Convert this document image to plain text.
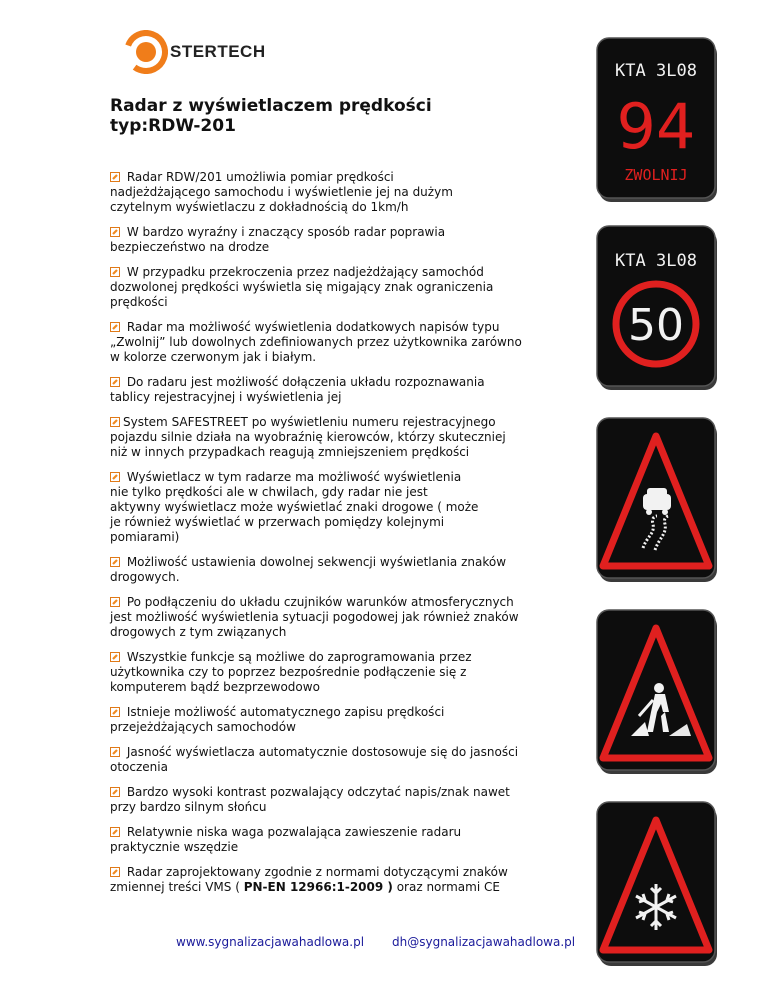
STERTECH
Radar z wyświetlaczem prędkości
typ:RDW-201
Radar RDW/201 umożliwia pomiar prędkości
nadjeżdżającego samochodu i wyświetlenie jej na dużym
czytelnym wyświetlaczu z dokładnością do 1km/h
W bardzo wyraźny i znaczący sposób radar poprawia
bezpieczeństwo na drodze
W przypadku przekroczenia przez nadjeżdżający samochód
dozwolonej prędkości wyświetla się migający znak ograniczenia
prędkości
Radar ma możliwość wyświetlenia dodatkowych napisów typu
„Zwolnij” lub dowolnych zdefiniowanych przez użytkownika zarówno
w kolorze czerwonym jak i białym.
Do radaru jest możliwość dołączenia układu rozpoznawania
tablicy rejestracyjnej i wyświetlenia jej
System SAFESTREET po wyświetleniu numeru rejestracyjnego
pojazdu silnie działa na wyobraźnię kierowców, którzy skuteczniej
niż w innych przypadkach reagują zmniejszeniem prędkości
Wyświetlacz w tym radarze ma możliwość wyświetlenia
nie tylko prędkości ale w chwilach, gdy radar nie jest
aktywny wyświetlacz może wyświetlać znaki drogowe ( może
je również wyświetlać w przerwach pomiędzy kolejnymi
pomiarami)
Możliwość ustawienia dowolnej sekwencji wyświetlania znaków
drogowych.
Po podłączeniu do układu czujników warunków atmosferycznych
jest możliwość wyświetlenia sytuacji pogodowej jak również znaków
drogowych z tym związanych
Wszystkie funkcje są możliwe do zaprogramowania przez
użytkownika czy to poprzez bezpośrednie podłączenie się z
komputerem bądź bezprzewodowo
Istnieje możliwość automatycznego zapisu prędkości
przejeżdżających samochodów
Jasność wyświetlacza automatycznie dostosowuje się do jasności
otoczenia
Bardzo wysoki kontrast pozwalający odczytać napis/znak nawet
przy bardzo silnym słońcu
Relatywnie niska waga pozwalająca zawieszenie radaru
praktycznie wszędzie
Radar zaprojektowany zgodnie z normami dotyczącymi znaków
zmiennej treści VMS ( PN-EN 12966:1-2009 ) oraz normami CE
www.sygnalizacjawahadlowa.pl dh@sygnalizacjawahadlowa.pl
KTA 3L08
94
ZWOLNIJ
KTA 3L08
50
